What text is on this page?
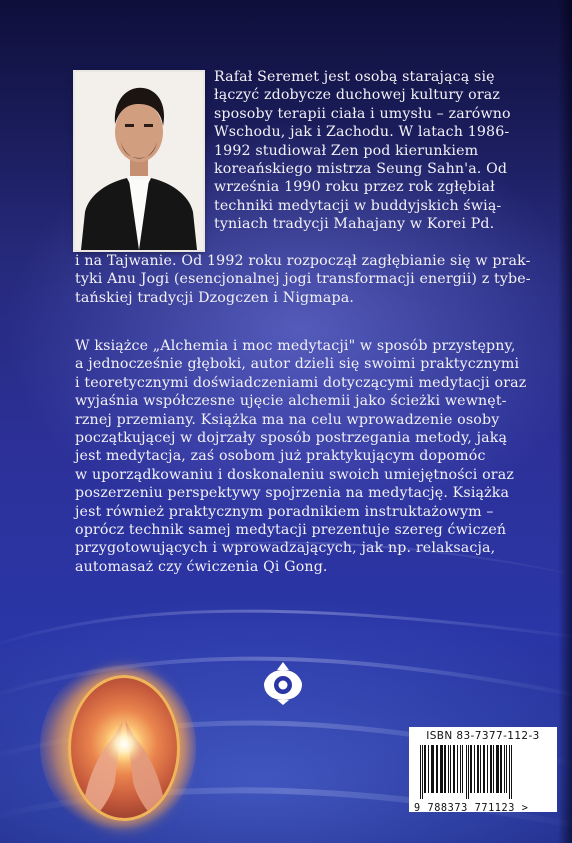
Rafał Seremet jest osobą starającą się

łączyć zdobycze duchowej kultury oraz

sposoby terapii ciała i umysłu – zarówno

Wschodu, jak i Zachodu. W latach 1986-

1992 studiował Zen pod kierunkiem

koreańskiego mistrza Seung Sahn'a. Od

września 1990 roku przez rok zgłębiał

techniki medytacji w buddyjskich świą-

tyniach tradycji Mahajany w Korei Pd.

i na Tajwanie. Od 1992 roku rozpoczął zagłębianie się w prak-

tyki Anu Jogi (esencjonalnej jogi transformacji energii) z tybe-

tańskiej tradycji Dzogczen i Nigmapa.

W książce „Alchemia i moc medytacji" w sposób przystępny,

a jednocześnie głęboki, autor dzieli się swoimi praktycznymi

i teoretycznymi doświadczeniami dotyczącymi medytacji oraz

wyjaśnia współczesne ujęcie alchemii jako ścieżki wewnęt-

rznej przemiany. Książka ma na celu wprowadzenie osoby

początkującej w dojrzały sposób postrzegania metody, jaką

jest medytacja, zaś osobom już praktykującym dopomóc

w uporządkowaniu i doskonaleniu swoich umiejętności oraz

poszerzeniu perspektywy spojrzenia na medytację. Książka

jest również praktycznym poradnikiem instruktażowym –

oprócz technik samej medytacji prezentuje szereg ćwiczeń

przygotowujących i wprowadzających, jak np. relaksacja,

automasaż czy ćwiczenia Qi Gong.

ISBN 83-7377-112-3
9 788373 771123 >
